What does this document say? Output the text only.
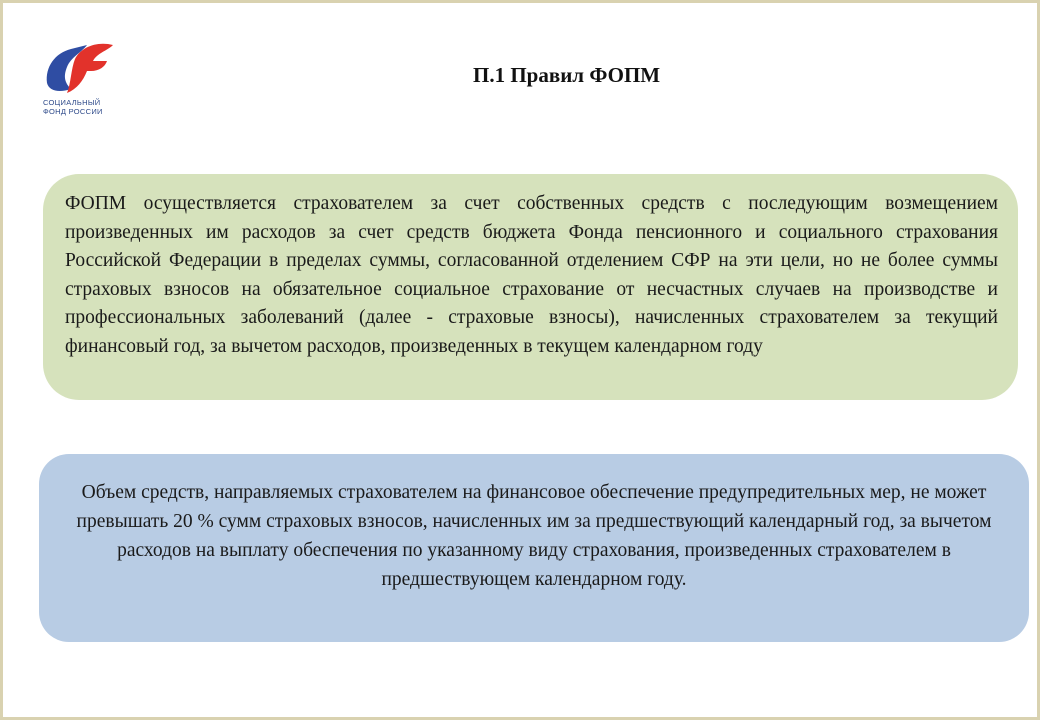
СОЦИАЛЬНЫЙ
ФОНД РОССИИ
П.1 Правил ФОПМ

ФОПМ осуществляется страхователем за счет собственных средств с последующим возмещением произведенных им расходов за счет средств бюджета Фонда пенсионного и социального страхования Российской Федерации в пределах суммы, согласованной отделением СФР на эти цели, но не более суммы страховых взносов на обязательное социальное страхование от несчастных случаев на производстве и профессиональных заболеваний (далее - страховые взносы), начисленных страхователем за текущий финансовый год, за вычетом расходов, произведенных в текущем календарном году

Объем средств, направляемых страхователем на финансовое обеспечение предупредительных мер, не может превышать 20 % сумм страховых взносов, начисленных им за предшествующий календарный год, за вычетом расходов на выплату обеспечения по указанному виду страхования, произведенных страхователем в предшествующем календарном году.
